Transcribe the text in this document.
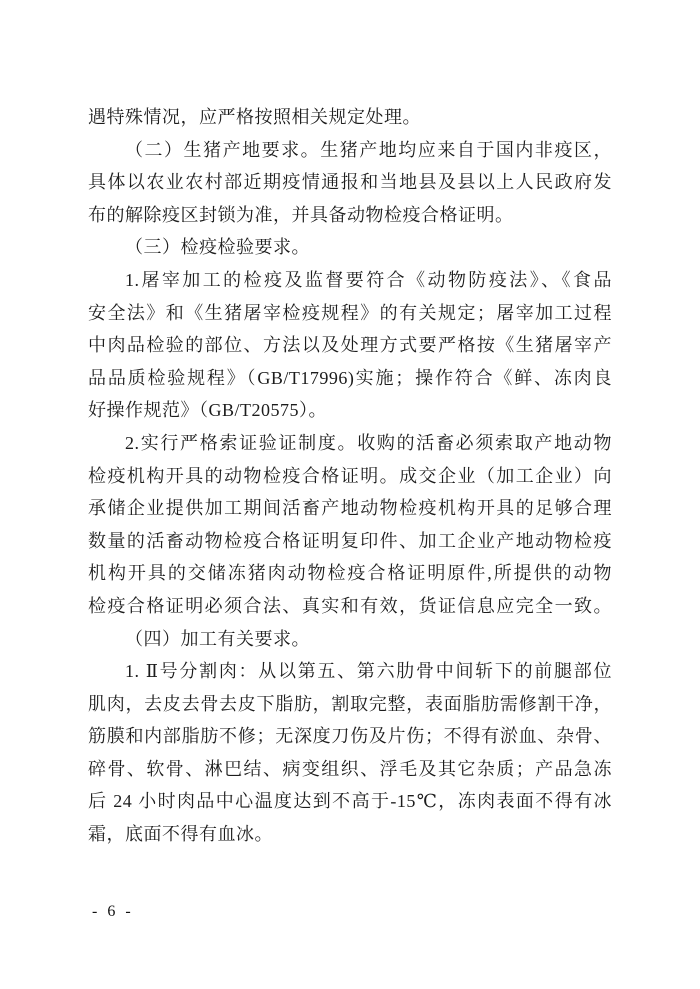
遇特殊情况，应严格按照相关规定处理。
（二）生猪产地要求。生猪产地均应来自于国内非疫区，
具体以农业农村部近期疫情通报和当地县及县以上人民政府发
布的解除疫区封锁为准，并具备动物检疫合格证明。
（三）检疫检验要求。
1.屠宰加工的检疫及监督要符合《动物防疫法》、《食品
安全法》和《生猪屠宰检疫规程》的有关规定；屠宰加工过程
中肉品检验的部位、方法以及处理方式要严格按《生猪屠宰产
品品质检验规程》（GB/T17996)实施；操作符合《鲜、冻肉良
好操作规范》（GB/T20575）。
2.实行严格索证验证制度。收购的活畜必须索取产地动物
检疫机构开具的动物检疫合格证明。成交企业（加工企业）向
承储企业提供加工期间活畜产地动物检疫机构开具的足够合理
数量的活畜动物检疫合格证明复印件、加工企业产地动物检疫
机构开具的交储冻猪肉动物检疫合格证明原件,所提供的动物
检疫合格证明必须合法、真实和有效，货证信息应完全一致。
（四）加工有关要求。
1. Ⅱ号分割肉：从以第五、第六肋骨中间斩下的前腿部位
肌肉，去皮去骨去皮下脂肪，割取完整，表面脂肪需修割干净，
筋膜和内部脂肪不修；无深度刀伤及片伤；不得有淤血、杂骨、
碎骨、软骨、淋巴结、病变组织、浮毛及其它杂质；产品急冻
后 24 小时肉品中心温度达到不高于-15℃，冻肉表面不得有冰
霜，底面不得有血冰。
- 6 -
